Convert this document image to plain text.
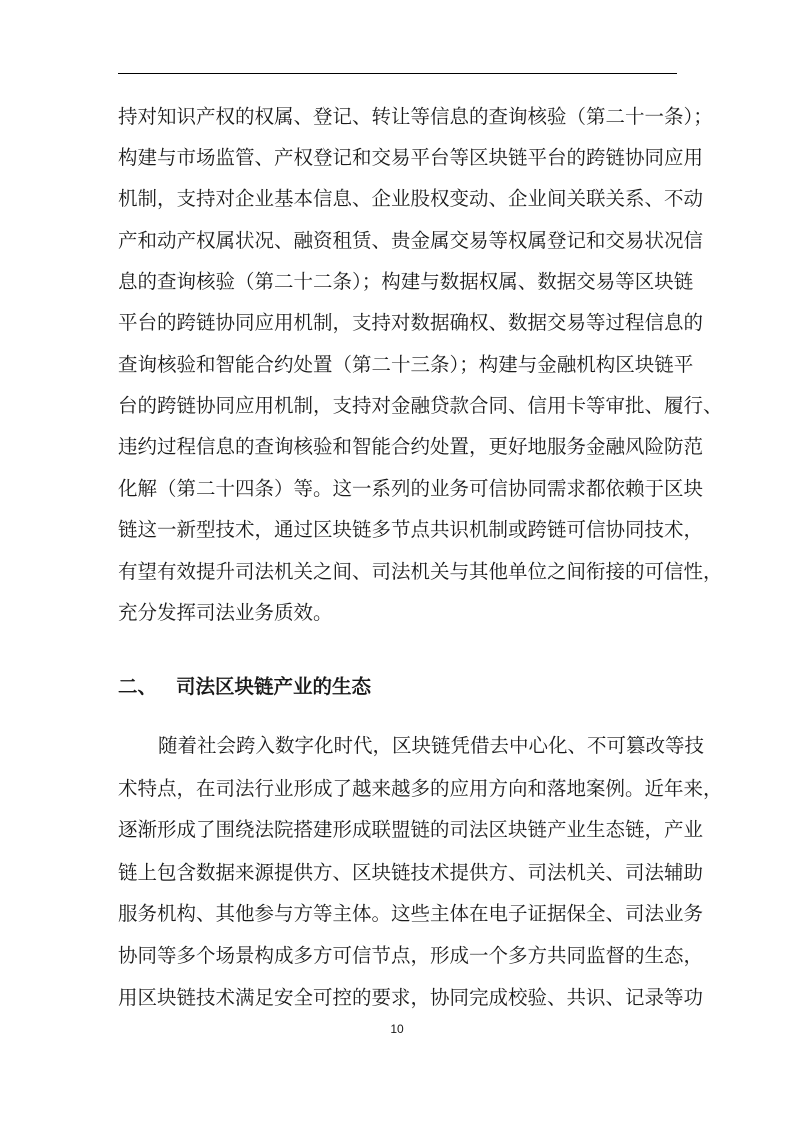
持对知识产权的权属、登记、转让等信息的查询核验（第二十一条）；
构建与市场监管、产权登记和交易平台等区块链平台的跨链协同应用
机制，支持对企业基本信息、企业股权变动、企业间关联关系、不动
产和动产权属状况、融资租赁、贵金属交易等权属登记和交易状况信
息的查询核验（第二十二条）；构建与数据权属、数据交易等区块链
平台的跨链协同应用机制，支持对数据确权、数据交易等过程信息的
查询核验和智能合约处置（第二十三条）；构建与金融机构区块链平
台的跨链协同应用机制，支持对金融贷款合同、信用卡等审批、履行、
违约过程信息的查询核验和智能合约处置，更好地服务金融风险防范
化解（第二十四条）等。这一系列的业务可信协同需求都依赖于区块
链这一新型技术，通过区块链多节点共识机制或跨链可信协同技术，
有望有效提升司法机关之间、司法机关与其他单位之间衔接的可信性，
充分发挥司法业务质效。
二、 司法区块链产业的生态
随着社会跨入数字化时代，区块链凭借去中心化、不可篡改等技
术特点，在司法行业形成了越来越多的应用方向和落地案例。近年来，
逐渐形成了围绕法院搭建形成联盟链的司法区块链产业生态链，产业
链上包含数据来源提供方、区块链技术提供方、司法机关、司法辅助
服务机构、其他参与方等主体。这些主体在电子证据保全、司法业务
协同等多个场景构成多方可信节点，形成一个多方共同监督的生态，
用区块链技术满足安全可控的要求，协同完成校验、共识、记录等功
10
